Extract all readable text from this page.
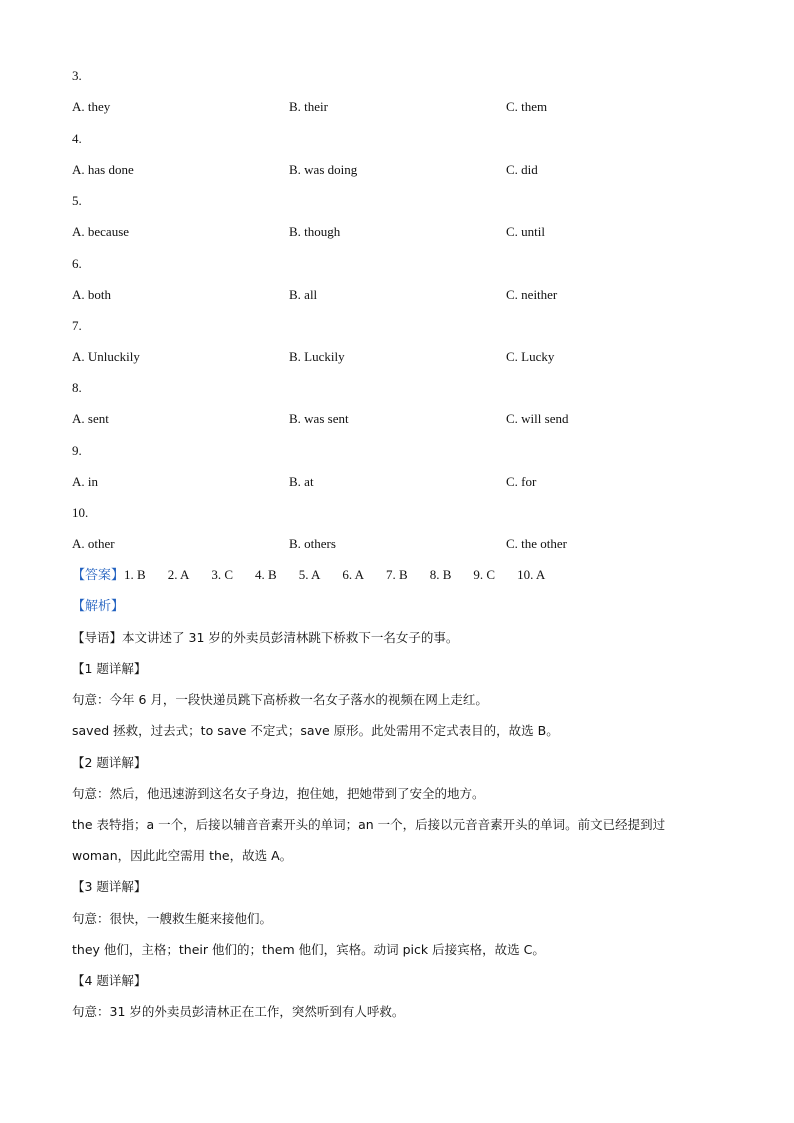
3.
A. they	B. their	C. them
4.
A. has done	B. was doing	C. did
5.
A. because	B. though	C. until
6.
A. both	B. all	C. neither
7.
A. Unluckily	B. Luckily	C. Lucky
8.
A. sent	B. was sent	C. will send
9.
A. in	B. at	C. for
10.
A. other	B. others	C. the other
【答案】1. B 2. A 3. C 4. B 5. A 6. A 7. B 8. B 9. C 10. A
【解析】
【导语】本文讲述了 31 岁的外卖员彭清林跳下桥救下一名女子的事。
【1 题详解】
句意：今年 6 月，一段快递员跳下高桥救一名女子落水的视频在网上走红。
saved 拯救，过去式；to save 不定式；save 原形。此处需用不定式表目的，故选 B。
【2 题详解】
句意：然后，他迅速游到这名女子身边，抱住她，把她带到了安全的地方。
the 表特指；a 一个，后接以辅音音素开头的单词；an 一个，后接以元音音素开头的单词。前文已经提到过
woman，因此此空需用 the，故选 A。
【3 题详解】
句意：很快，一艘救生艇来接他们。
they 他们，主格；their 他们的；them 他们，宾格。动词 pick 后接宾格，故选 C。
【4 题详解】
句意：31 岁的外卖员彭清林正在工作，突然听到有人呼救。
